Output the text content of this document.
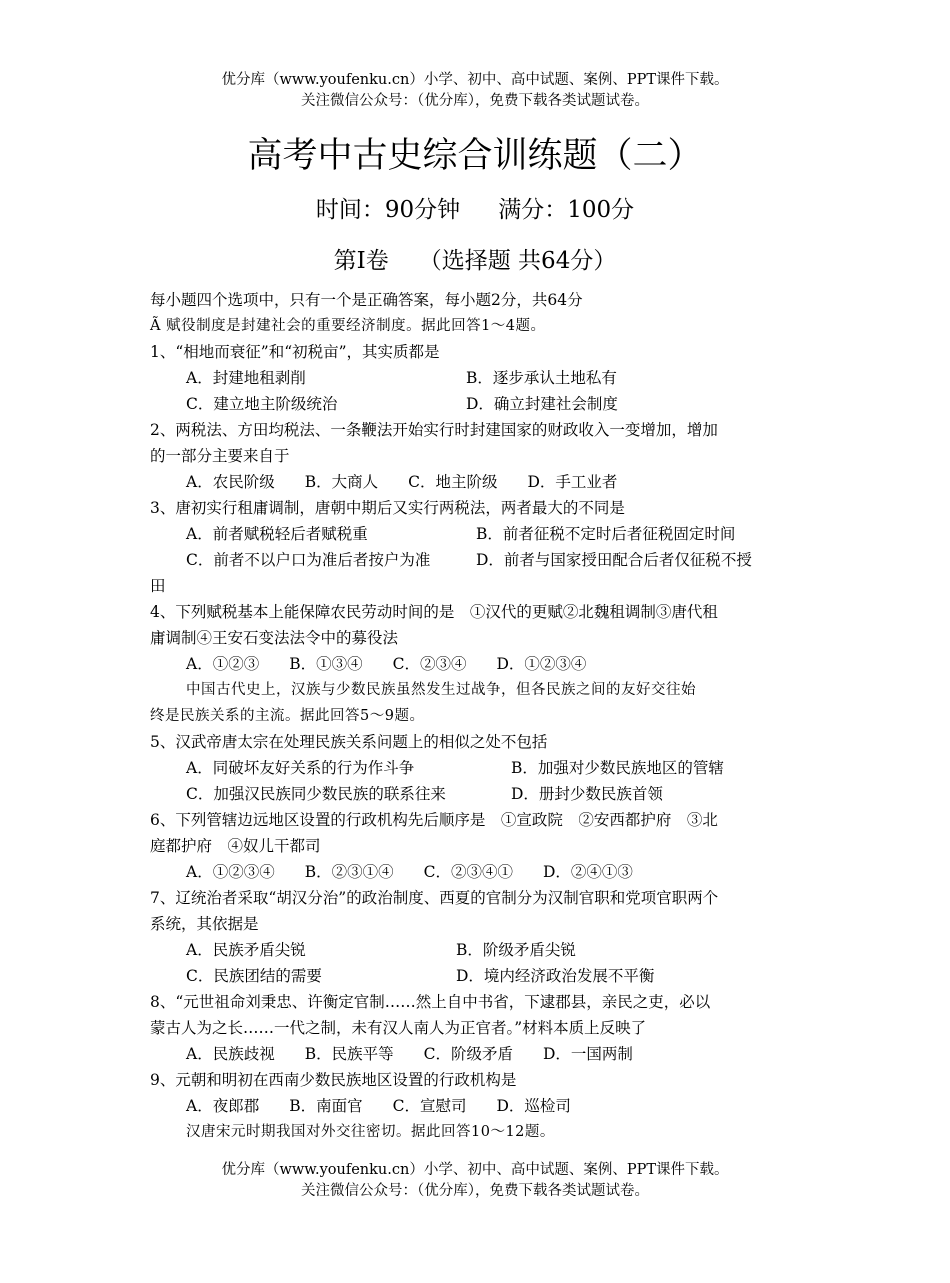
优分库（www.youfenku.cn）小学、初中、高中试题、案例、PPT课件下载。
关注微信公众号：（优分库），免费下载各类试题试卷。
高考中古史综合训练题（二）
时间：90分钟 满分：100分
第Ⅰ卷 （选择题 共64分）
每小题四个选项中，只有一个是正确答案，每小题2分，共64分
Ã 赋役制度是封建社会的重要经济制度。据此回答1～4题。
1、“相地而衰征”和“初税亩”，其实质都是
A．封建地租剥削	B．逐步承认土地私有
C．建立地主阶级统治	D．确立封建社会制度
2、两税法、方田均税法、一条鞭法开始实行时封建国家的财政收入一变增加，增加
的一部分主要来自于
A．农民阶级 B．大商人 C．地主阶级 D．手工业者
3、唐初实行租庸调制，唐朝中期后又实行两税法，两者最大的不同是
A．前者赋税轻后者赋税重	B．前者征税不定时后者征税固定时间
C．前者不以户口为准后者按户为准	D．前者与国家授田配合后者仅征税不授
田
4、下列赋税基本上能保障农民劳动时间的是　①汉代的更赋②北魏租调制③唐代租
庸调制④王安石变法法令中的募役法
A．①②③ B．①③④ C．②③④ D．①②③④
中国古代史上，汉族与少数民族虽然发生过战争，但各民族之间的友好交往始
终是民族关系的主流。据此回答5～9题。
5、汉武帝唐太宗在处理民族关系问题上的相似之处不包括
A．同破坏友好关系的行为作斗争	B．加强对少数民族地区的管辖
C．加强汉民族同少数民族的联系往来	D．册封少数民族首领
6、下列管辖边远地区设置的行政机构先后顺序是　①宣政院　②安西都护府　③北
庭都护府　④奴儿干都司
A．①②③④ B．②③①④ C．②③④① D．②④①③
7、辽统治者采取“胡汉分治”的政治制度、西夏的官制分为汉制官职和党项官职两个
系统，其依据是
A．民族矛盾尖锐	B．阶级矛盾尖锐
C．民族团结的需要	D．境内经济政治发展不平衡
8、“元世祖命刘秉忠、许衡定官制……然上自中书省，下逮郡县，亲民之吏，必以
蒙古人为之长……一代之制，未有汉人南人为正官者。”材料本质上反映了
A．民族歧视 B．民族平等 C．阶级矛盾 D．一国两制
9、元朝和明初在西南少数民族地区设置的行政机构是
A．夜郎郡 B．南面官 C．宣慰司 D．巡检司
汉唐宋元时期我国对外交往密切。据此回答10～12题。
优分库（www.youfenku.cn）小学、初中、高中试题、案例、PPT课件下载。
关注微信公众号：（优分库），免费下载各类试题试卷。
